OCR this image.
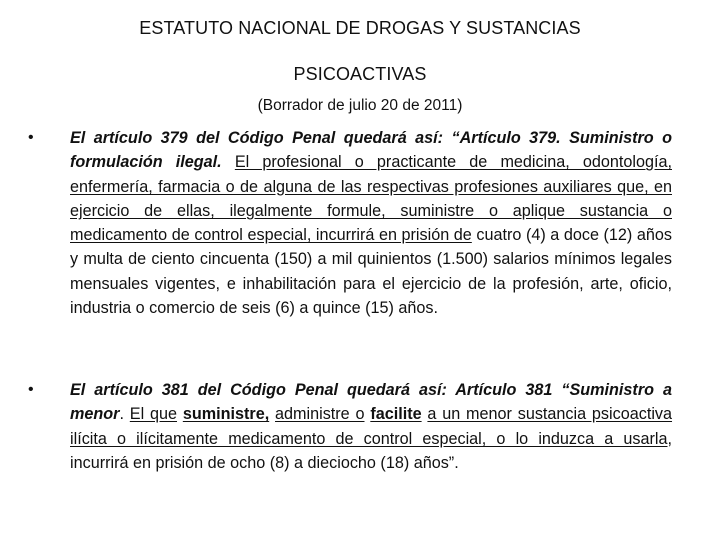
ESTATUTO NACIONAL DE DROGAS Y SUSTANCIAS
PSICOACTIVAS
(Borrador de julio 20 de 2011)
• El artículo 379 del Código Penal quedará así: “Artículo 379. Suministro o formulación ilegal. El profesional o practicante de medicina, odontología, enfermería, farmacia o de alguna de las respectivas profesiones auxiliares que, en ejercicio de ellas, ilegalmente formule, suministre o aplique sustancia o medicamento de control especial, incurrirá en prisión de cuatro (4) a doce (12) años y multa de ciento cincuenta (150) a mil quinientos (1.500) salarios mínimos legales mensuales vigentes, e inhabilitación para el ejercicio de la profesión, arte, oficio, industria o comercio de seis (6) a quince (15) años.

• El artículo 381 del Código Penal quedará así: Artículo 381 “Suministro a menor. El que suministre, administre o facilite a un menor sustancia psicoactiva ilícita o ilícitamente medicamento de control especial, o lo induzca a usarla, incurrirá en prisión de ocho (8) a dieciocho (18) años”.
